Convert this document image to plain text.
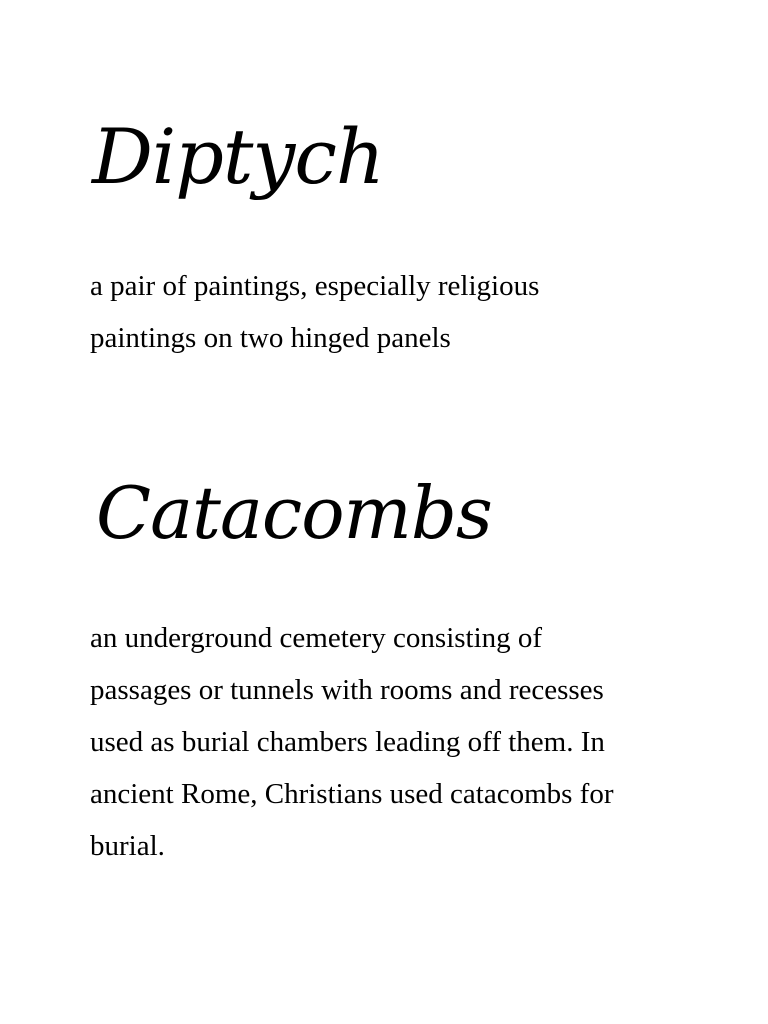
Diptych
a pair of paintings, especially religious
paintings on two hinged panels
Catacombs
an underground cemetery consisting of
passages or tunnels with rooms and recesses
used as burial chambers leading off them. In
ancient Rome, Christians used catacombs for
burial.
